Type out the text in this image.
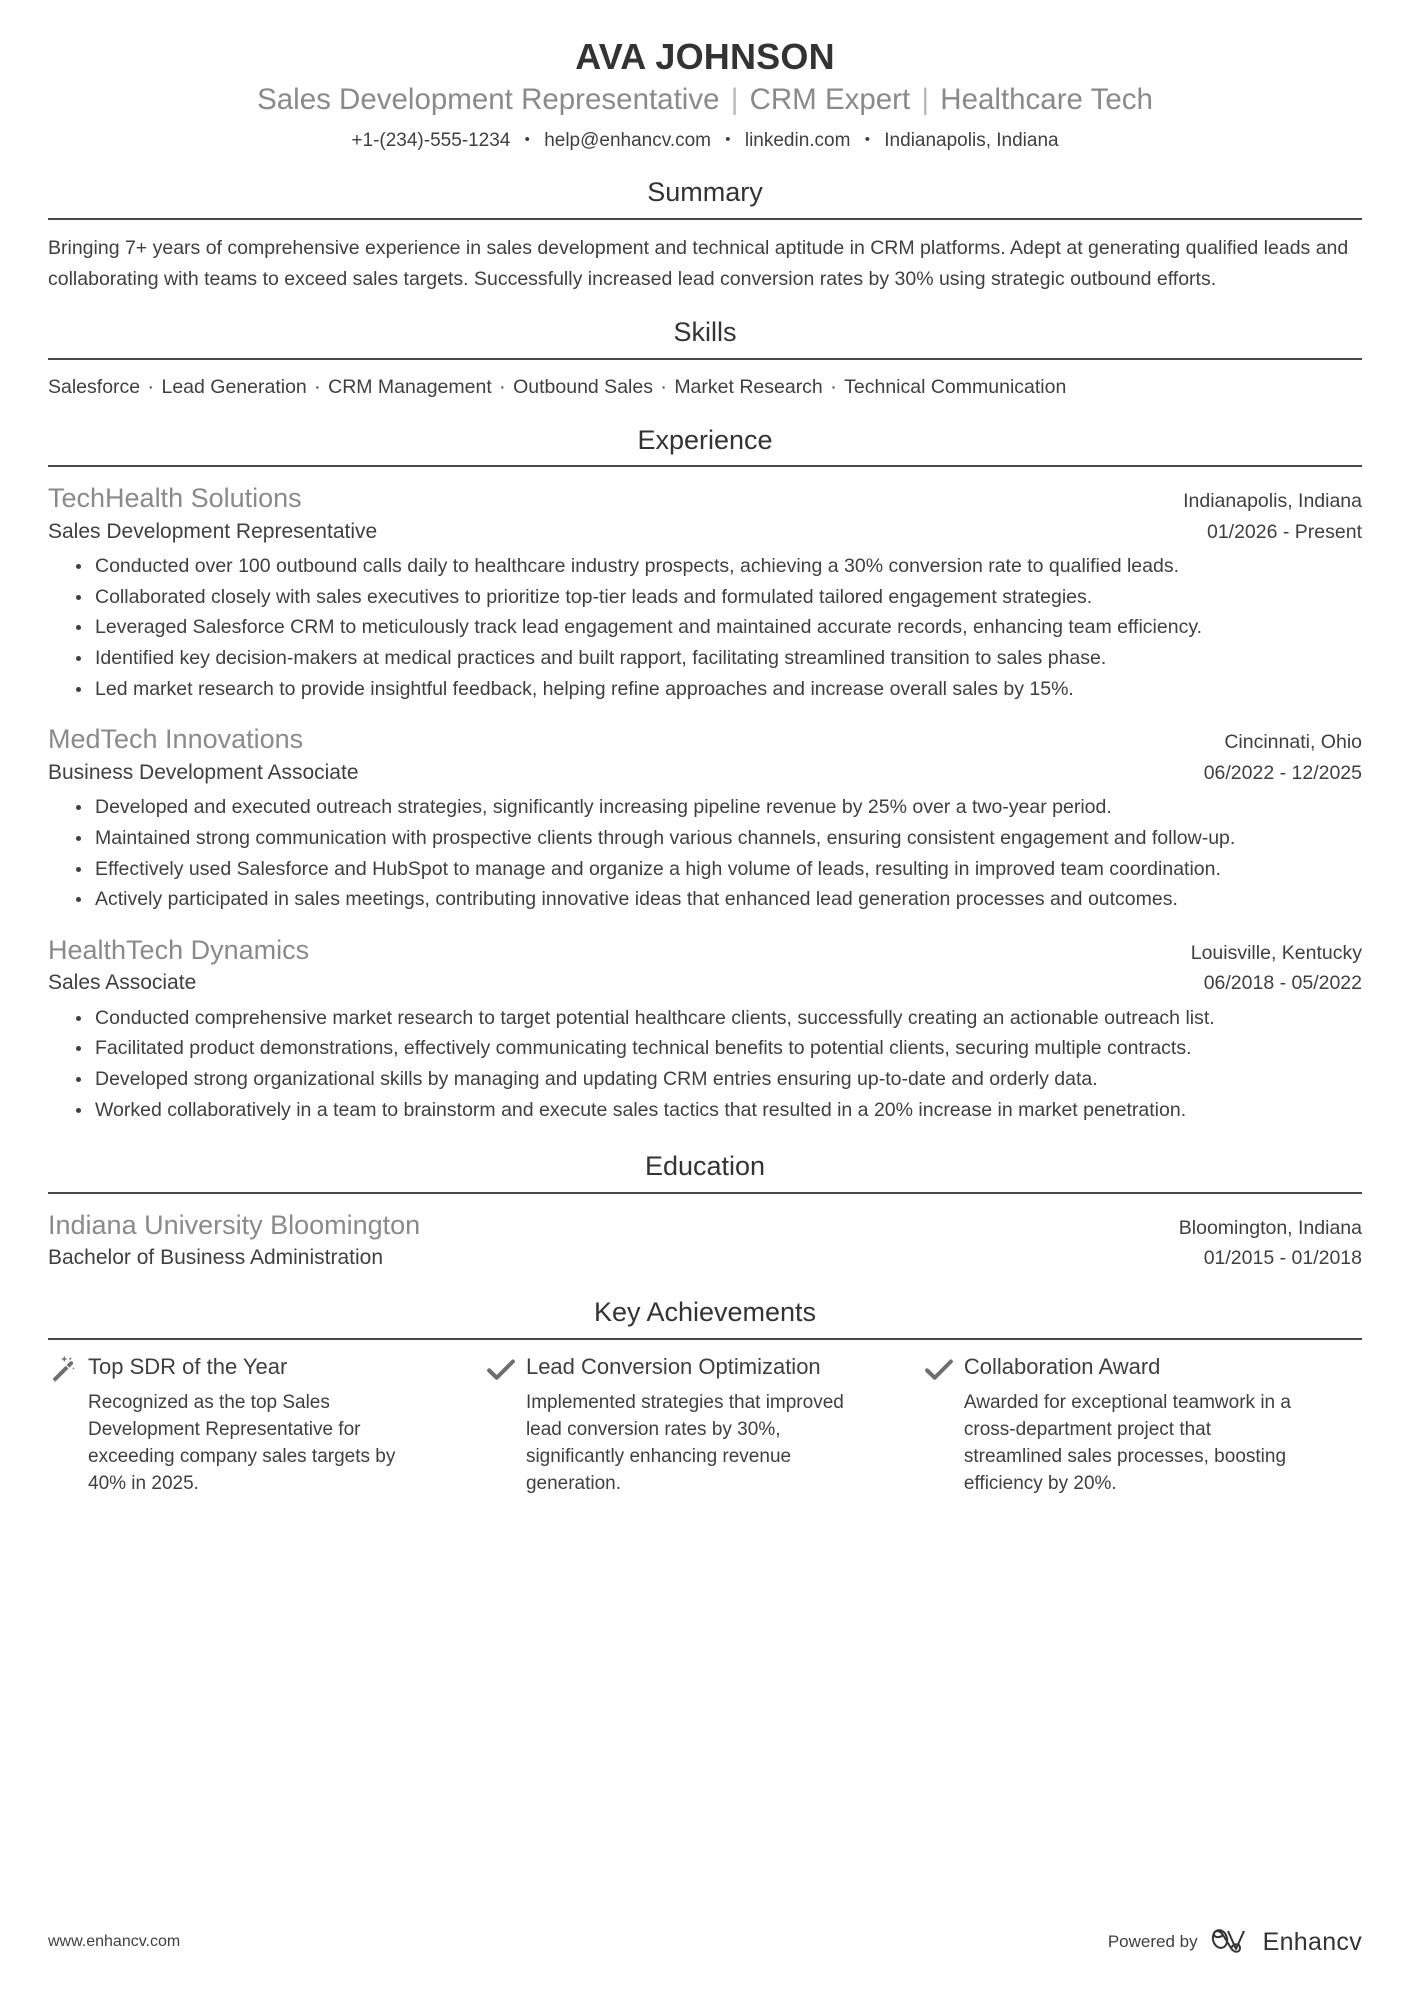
AVA JOHNSON
Sales Development Representative | CRM Expert | Healthcare Tech
+1-(234)-555-1234 • help@enhancv.com • linkedin.com • Indianapolis, Indiana
Summary
Bringing 7+ years of comprehensive experience in sales development and technical aptitude in CRM platforms. Adept at generating qualified leads and collaborating with teams to exceed sales targets. Successfully increased lead conversion rates by 30% using strategic outbound efforts.
Skills
Salesforce · Lead Generation · CRM Management · Outbound Sales · Market Research · Technical Communication
Experience
TechHealth Solutions	Indianapolis, Indiana
Sales Development Representative	01/2026 - Present
Conducted over 100 outbound calls daily to healthcare industry prospects, achieving a 30% conversion rate to qualified leads.
Collaborated closely with sales executives to prioritize top-tier leads and formulated tailored engagement strategies.
Leveraged Salesforce CRM to meticulously track lead engagement and maintained accurate records, enhancing team efficiency.
Identified key decision-makers at medical practices and built rapport, facilitating streamlined transition to sales phase.
Led market research to provide insightful feedback, helping refine approaches and increase overall sales by 15%.
MedTech Innovations	Cincinnati, Ohio
Business Development Associate	06/2022 - 12/2025
Developed and executed outreach strategies, significantly increasing pipeline revenue by 25% over a two-year period.
Maintained strong communication with prospective clients through various channels, ensuring consistent engagement and follow-up.
Effectively used Salesforce and HubSpot to manage and organize a high volume of leads, resulting in improved team coordination.
Actively participated in sales meetings, contributing innovative ideas that enhanced lead generation processes and outcomes.
HealthTech Dynamics	Louisville, Kentucky
Sales Associate	06/2018 - 05/2022
Conducted comprehensive market research to target potential healthcare clients, successfully creating an actionable outreach list.
Facilitated product demonstrations, effectively communicating technical benefits to potential clients, securing multiple contracts.
Developed strong organizational skills by managing and updating CRM entries ensuring up-to-date and orderly data.
Worked collaboratively in a team to brainstorm and execute sales tactics that resulted in a 20% increase in market penetration.
Education
Indiana University Bloomington	Bloomington, Indiana
Bachelor of Business Administration	01/2015 - 01/2018
Key Achievements
Top SDR of the Year
Recognized as the top Sales Development Representative for exceeding company sales targets by 40% in 2025.
Lead Conversion Optimization
Implemented strategies that improved lead conversion rates by 30%, significantly enhancing revenue generation.
Collaboration Award
Awarded for exceptional teamwork in a cross-department project that streamlined sales processes, boosting efficiency by 20%.
www.enhancv.com	Powered by	Enhancv
